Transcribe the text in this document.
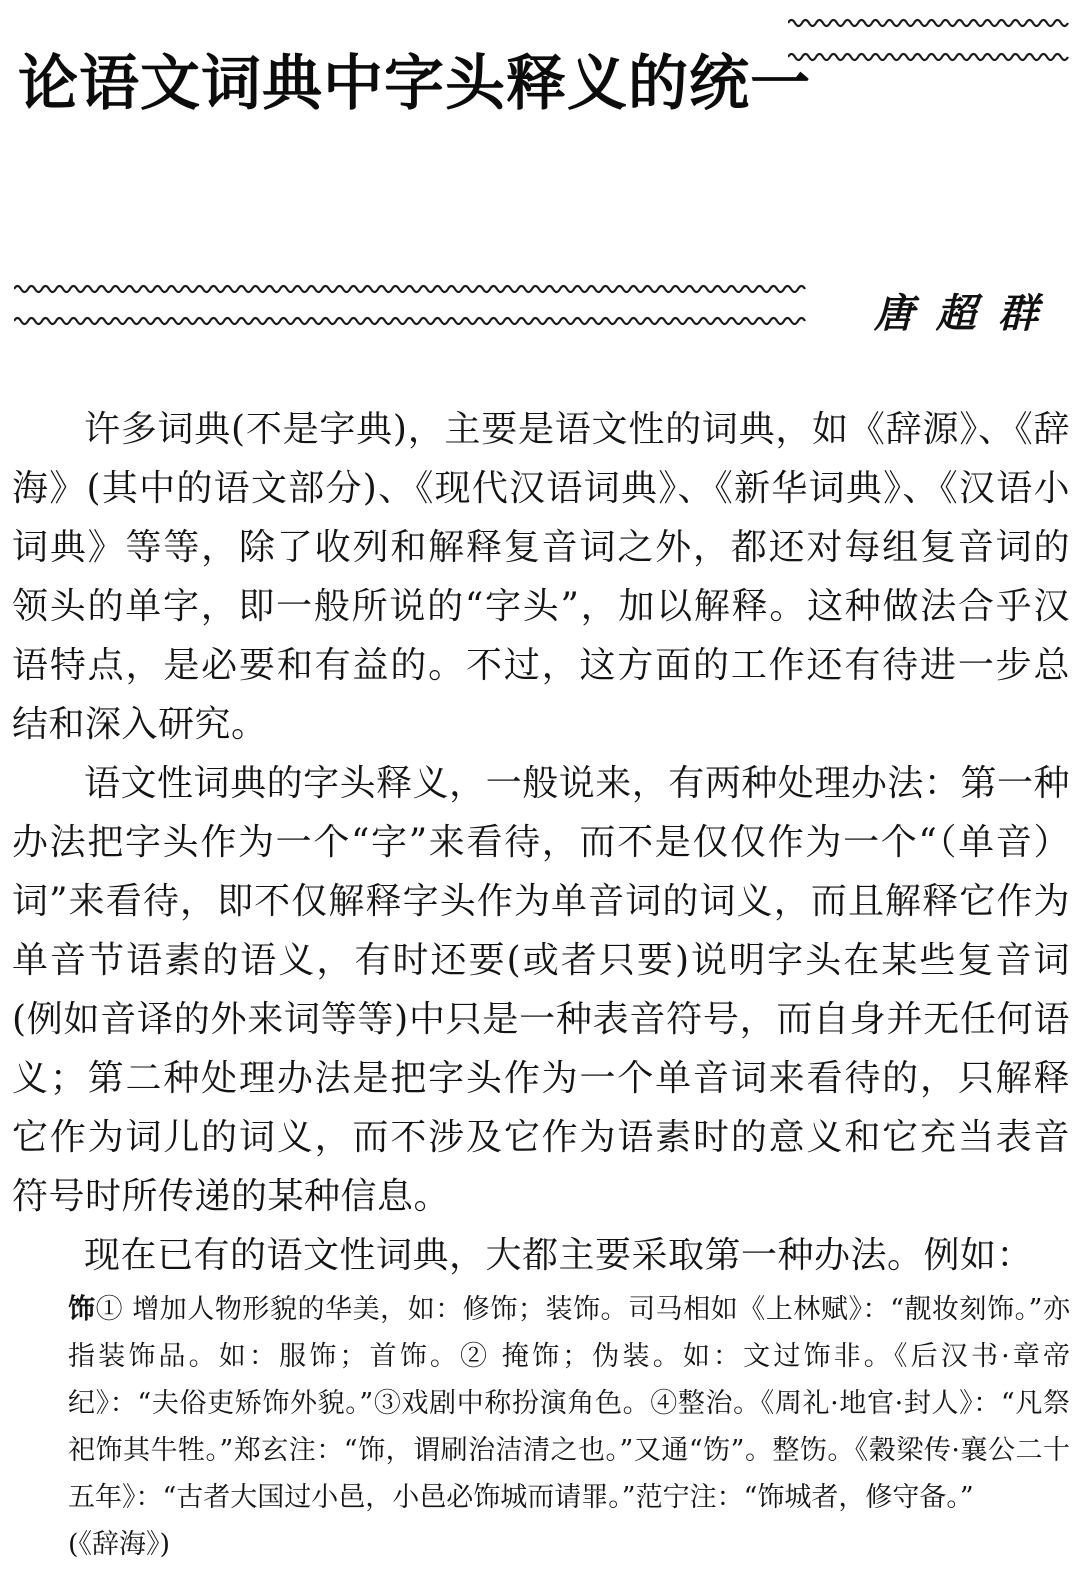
论语文词典中字头释义的统一
唐超群

许多词典(不是字典)，主要是语文性的词典，如《辞源》、《辞海》(其中的语文部分)、《现代汉语词典》、《新华词典》、《汉语小词典》等等，除了收列和解释复音词之外，都还对每组复音词的领头的单字，即一般所说的“字头”，加以解释。这种做法合乎汉语特点，是必要和有益的。不过，这方面的工作还有待进一步总结和深入研究。

语文性词典的字头释义，一般说来，有两种处理办法：第一种办法把字头作为一个“字”来看待，而不是仅仅作为一个“（单音）词”来看待，即不仅解释字头作为单音词的词义，而且解释它作为单音节语素的语义，有时还要(或者只要)说明字头在某些复音词(例如音译的外来词等等)中只是一种表音符号，而自身并无任何语义；第二种处理办法是把字头作为一个单音词来看待的，只解释它作为词儿的词义，而不涉及它作为语素时的意义和它充当表音符号时所传递的某种信息。

现在已有的语文性词典，大都主要采取第一种办法。例如：

饰① 增加人物形貌的华美，如：修饰；装饰。司马相如《上林赋》：“靓妆刻饰。”亦指装饰品。如：服饰；首饰。② 掩饰；伪装。如：文过饰非。《后汉书·章帝纪》：“夫俗吏矫饰外貌。”③戏剧中称扮演角色。④整治。《周礼·地官·封人》：“凡祭祀饰其牛牲。”郑玄注：“饰，谓刷治洁清之也。”又通“饬”。整饬。《穀梁传·襄公二十五年》：“古者大国过小邑，小邑必饰城而请罪。”范宁注：“饰城者，修守备。”
(《辞海》)
